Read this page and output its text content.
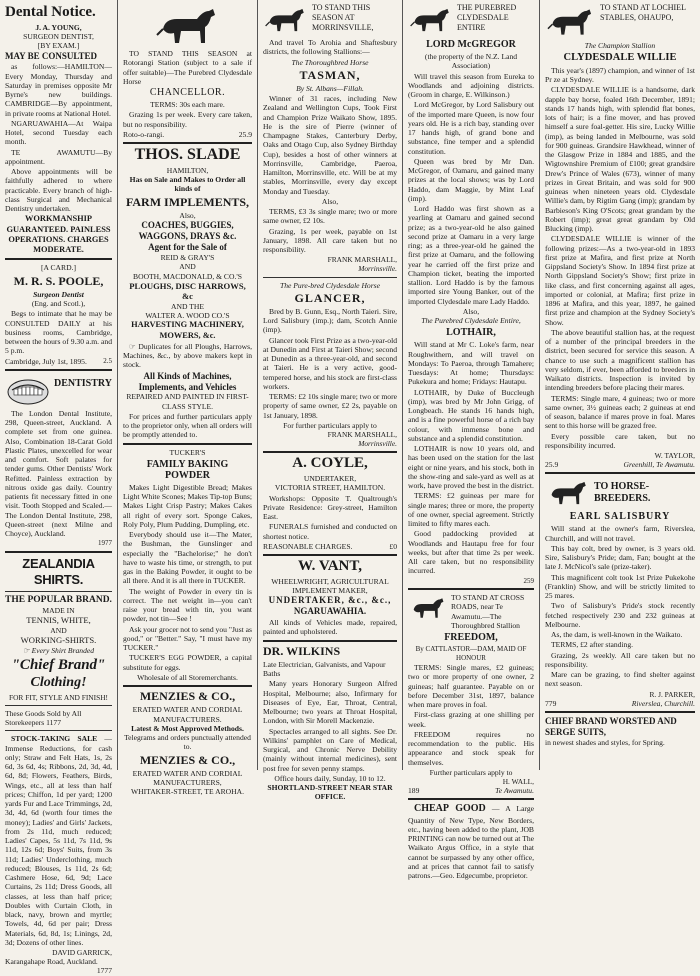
Dental Notice.
J. A. YOUNG,
SURGEON DENTIST,
[BY EXAM.]
MAY BE CONSULTED

as follows:—HAMILTON—Every Monday, Thursday and Saturday in premises opposite Mr Byrne's new buildings. CAMBRIDGE—By appointment, in private rooms at National Hotel.

NGARUAWAHIA—At Waipa Hotel, second Tuesday each month.

TE AWAMUTU—By appointment.

Above appointments will be faithfully adhered to where practicable. Every branch of high-class Surgical and Mechanical Dentistry undertaken.

WORKMANSHIP GUARANTEED. PAINLESS OPERATIONS. CHARGES MODERATE.
[A CARD.]
M. R. S. POOLE,
Surgeon Dentist
(Eng. and Scotl.),

Begs to intimate that he may be CONSULTED DAILY at his business rooms, Cambridge, between the hours of 9.30 a.m. and 5 p.m.

Cambridge, July 1st, 1895. 2.5
DENTISTRY

The London Dental Institute, 298, Queen-street, Auckland. A complete set from one guinea. Also, Combination 18-Carat Gold Plastic Plates, unexcelled for wear and comfort. Soft palates for tender gums. Other Dentists' Work Refitted. Painless extraction by nitrous oxide gas daily. Country patients fit necessary fitted in one visit. Tooth Stopped and Scaled.—The London Dental Institute, 298, Queen-street (next Milne and Choyce), Auckland.

1977
ZEALANDIA SHIRTS.
THE POPULAR BRAND.
MADE IN
TENNIS, WHITE,
AND
WORKING-SHIRTS.
☞ Every Shirt Branded
"Chief Brand"
Clothing!
FOR FIT, STYLE AND FINISH!
These Goods Sold by All Storekeepers 1177

STOCK-TAKING SALE — Immense Reductions, for cash only; Straw and Felt Hats, 1s, 2s 6d, 3s 6d, 4s; Ribbons, 2d, 3d, 4d, 6d, 8d; Flowers, Feathers, Birds, Wings, etc., all at less than half prices; Chiffon, 1d per yard; 1200 yards Fur and Lace Trimmings, 2d, 3d, 4d, 6d (worth four times the money); Ladies' and Girls' Jackets, from 2s 11d, much reduced; Ladies' Capes, 5s 11d, 7s 11d, 9s 11d, 12s 6d; Boys' Suits, from 3s 11d; Ladies' Underclothing, much reduced; Blouses, 1s 11d, 2s 6d; Cashmere Hose, 6d, 9d; Lace Curtains, 2s 11d; Dress Goods, all classes, at less than half price; Doubles with Curtain Cloth, in black, navy, brown and myrtle; Towels, 4d, 6d per pair; Dress Materials, 6d, 8d, 1s; Linings, 2d, 3d; Dozens of other lines.

DAVID GARRICK,
Karangahape Road, Auckland.
1777

TO STAND THIS SEASON at Rotorangi Station (subject to a sale if offer suitable)—The Purebred Clydesdale Horse

CHANCELLOR.
TERMS: 30s each mare.

Grazing 1s per week. Every care taken, but no responsibility.

Roto-o-rangi.	25.9
THOS. SLADE
HAMILTON,
Has on Sale and Makes to Order all kinds of
FARM IMPLEMENTS,
Also,
COACHES, BUGGIES, WAGGONS, DRAYS &c.
Agent for the Sale of
REID & GRAY'S
AND
BOOTH, MACDONALD, & CO.'S
PLOUGHS, DISC HARROWS, &c
AND THE
WALTER A. WOOD CO.'S
HARVESTING MACHINERY, MOWERS, &c.

☞ Duplicates for all Ploughs, Harrows, Machines, &c., by above makers kept in stock.

All Kinds of Machines, Implements, and Vehicles
REPAIRED AND PAINTED IN FIRST-CLASS STYLE.

For prices and further particulars apply to the proprietor only, when all orders will be promptly attended to.

TUCKER'S
FAMILY BAKING POWDER

Makes Light Digestible Bread; Makes Light White Scones; Makes Tip-top Buns; Makes Light Crisp Pastry; Makes Cakes all right of every sort. Sponge Cakes, Roly Poly, Plum Pudding, Dumpling, etc.

Everybody should use it—The Mater, the Bushman, the Gunslinger and especially the "Bachelorise;" he don't have to waste his time, or strength, to put gas in the Baking Powder, it ought to be all there. And it is all there in TUCKER.

The weight of Powder in every tin is correct. The net weight in—you can't raise your bread with tin, you want powder, not tin—See !

Ask your grocer not to send you "Just as good," or "Better." Say, "I must have my TUCKER."

TUCKER'S EGG POWDER, a capital substitute for eggs.

Wholesale of all Storemerchants.
MENZIES & CO.,
ERATED WATER AND CORDIAL MANUFACTURERS.
Latest & Most Approved Methods.
Telegrams and orders punctually attended to.
MENZIES & CO.,
ERATED WATER AND CORDIAL MANUFACTURERS,
WHITAKER-STREET, TE AROHA.
TO STAND THIS SEASON AT MORRINSVILLE,

And travel To Arohia and Shaftesbury districts, the following Stallions:—

The Thoroughbred Horse
TASMAN,
By St. Albans—Fillah.

Winner of 31 races, including New Zealand and Wellington Cups, Took First and Champion Prize Waikato Show, 1895. He is the sire of Pierre (winner of Champagne Stakes, Canterbury Derby, Oaks and Otago Cup, also Sydney Birthday Cup), besides a host of other winners at Morrinsville, Cambridge, Paeroa, Hamilton, Morrinsville, etc. Will be at my stables, Morrinsville, every day except Monday and Tuesday.

Also,

TERMS, £3 3s single mare; two or more same owner, £2 10s.

Grazing, 1s per week, payable on 1st January, 1898. All care taken but no responsibility.

FRANK MARSHALL,
Morrinsville.
The Pure-bred Clydesdale Horse
GLANCER,

Bred by B. Gunn, Esq., North Taieri. Sire, Lord Salisbury (imp.); dam, Scotch Annie (imp).

Glancer took First Prize as a two-year-old at Dunedin and First at Taieri Show; second at Dunedin as a three-year-old, and second at Taieri. He is a very active, good-tempered horse, and his stock are first-class workers.

TERMS: £2 10s single mare; two or more property of same owner, £2 2s, payable on 1st January, 1898.

For further particulars apply to
FRANK MARSHALL,
Morrinsville.
A. COYLE,
UNDERTAKER,
VICTORIA STREET, HAMILTON.

Workshops: Opposite T. Qualtrough's Private Residence: Grey-street, Hamilton East.

FUNERALS furnished and conducted on shortest notice.

REASONABLE CHARGES.	£0
W. VANT,
WHEELWRIGHT, AGRICULTURAL IMPLEMENT MAKER,
UNDERTAKER, &c., &c.,
NGARUAWAHIA.

All kinds of Vehicles made, repaired, painted and upholstered.

DR. WILKINS
Late Electrician, Galvanists, and Vapour Baths

Many years Honorary Surgeon Alfred Hospital, Melbourne; also, Infirmary for Diseases of Eye, Ear, Throat, Central, Melbourne; two years at Throat Hospital, London, with Sir Morell Mackenzie.

Spectacles arranged to all sights. See Dr. Wilkins' pamphlet on Care of Medical, Surgical, and Chronic Nerve Debility (mainly without internal medicines), sent post free for seven penny stamps.

Office hours daily, Sunday, 10 to 12.
SHORTLAND-STREET NEAR STAR OFFICE.
THE PUREBRED CLYDESDALE ENTIRE
LORD McGREGOR
(the property of the N.Z. Land Association)

Will travel this season from Eureka to Woodlands and adjoining districts. (Groom in charge, E. Wilkinson.)

Lord McGregor, by Lord Salisbury out of the imported mare Queen, is now four years old. He is a rich bay, standing over 17 hands high, of grand bone and substance, fine temper and a splendid constitution.

Queen was bred by Mr Dan. McGregor, of Oamaru, and gained many prizes at the local shows; was by Lord Haddo, dam Maggie, by Mint Leaf (imp).

Lord Haddo was first shown as a yearling at Oamaru and gained second prize; as a two-year-old he also gained second prize at Oamaru in a very large ring; as a three-year-old he gained the first prize at Oamaru, and the following year he carried off the first prize and Champion ticket, beating the imported stallion. Lord Haddo is by the famous imported sire Young Banker, out of the imported Clydesdale mare Lady Haddo.

Also,
The Purebred Clydesdale Entire,
LOTHAIR,

Will stand at Mr C. Loke's farm, near Roughwithern, and will travel on Mondays: To Paeroa, through Tamahere; Tuesdays: At home; Thursdays: Pukekura and home; Fridays: Hautapu.

LOTHAIR, by Duke of Buccleugh (imp), was bred by Mr John Grigg, of Longbeach. He stands 16 hands high, and is a fine powerful horse of a rich bay colour, with immense bone and substance and a splendid constitution.

LOTHAIR is now 10 years old, and has been used on the station for the last eight or nine years, and his stock, both in the show-ring and sale-yard as well as at work, have proved the best in the district.

TERMS: £2 guineas per mare for single mares; three or more, the property of one owner, special agreement. Strictly limited to fifty mares each.

Good paddocking provided at Woodlands and Hautapu free for four weeks, but after that time 2s per week. All care taken, but no responsibility incurred.

259
TO STAND AT CROSS ROADS, near Te Awamutu.—The Thoroughbred Stallion
FREEDOM,
By CATTLASTOR—DAM, MAID OF HONOUR

TERMS: Single mares, £2 guineas; two or more property of one owner, 2 guineas; half guarantee. Payable on or before December 31st, 1897, balance when mare proves in foal.

First-class grazing at one shilling per week.

FREEDOM requires no recommendation to the public. His appearance and stock speak for themselves.

Further particulars apply to
H. WALL,
189	Te Awamutu.

CHEAP GOOD — A Large Quantity of New Type, New Borders, etc., having been added to the plant, JOB PRINTING can now be turned out at The Waikato Argus Office, in a style that cannot be surpassed by any other office, and at prices that cannot fail to satisfy patrons.—Geo. Edgecumbe, proprietor.

TO STAND AT LOCHIEL STABLES, OHAUPO,
The Champion Stallion
CLYDESDALE WILLIE

This year's (1897) champion, and winner of 1st Pr ze at Sydney.

CLYDESDALE WILLIE is a handsome, dark dapple bay horse, foaled 16th December, 1891; stands 17 hands high, with splendid flat bones, lots of hair; is a fine mover, and has proved himself a sure foal-getter. His sire, Lucky Willie (imp), as being landed in Melbourne, was sold for 900 guineas. Grandsire Hawkhead, winner of the Glasgow Prize in 1884 and 1885, and the Wigtownshire Premium of £100; great grandsire Drew's Prince of Wales (673), winner of many prizes in Great Britain, and was sold for 900 guineas when nineteen years old. Clydesdale Willie's dam, by Rigtim Gang (imp); grandam by Barbieson's King O'Scots; great grandam by the Robert (imp); great great grandam by Old Blucking (imp).

CLYDESDALE WILLIE is winner of the following prizes:—As a two-year-old in 1893 first prize at Mafira, and first prize at North Gippsland Society's Show. In 1894 first prize at North Gippsland Society's Show; first prize in like class, and first concerning against all ages, imported or colonial, at Mafira; first prize in 1896 at Mafira, and this year, 1897, he gained first prize and champion at the Sydney Society's Show.

The above beautiful stallion has, at the request of a number of the principal breeders in the district, been secured for service this season. A chance to use such a magnificent stallion has very seldom, if ever, been afforded to breeders in Waikato districts. Inspection is invited by intending breeders before placing their mares.

TERMS: Single mare, 4 guineas; two or more same owner, 3½ guineas each; 2 guineas at end of season, balance if mares prove in foal. Mares sent to this horse will be grazed free.

Every possible care taken, but no responsibility incurred.

W. TAYLOR,
25.9	Greenhill, Te Awamutu.
TO HORSE-BREEDERS.
EARL SALISBURY

Will stand at the owner's farm, Riverslea, Churchill, and will not travel.

This bay colt, bred by owner, is 3 years old. Sire, Salisbury's Pride; dam, Fan; bought at the late J. McNicol's sale (prize-taker).

This magnificent colt took 1st Prize Pukekohe (Franklin) Show, and will be strictly limited to 25 mares.

Two of Salisbury's Pride's stock recently fetched respectively 230 and 232 guineas at Melbourne.

As, the dam, is well-known in the Waikato.

TERMS, £2 after standing.

Grazing, 2s weekly. All care taken but no responsibility.

Mare can be grazing, to find shelter against next season.

R. J. PARKER,
779	Riverslea, Churchill.
CHIEF BRAND WORSTED AND SERGE SUITS,
in newest shades and styles, for Spring.
